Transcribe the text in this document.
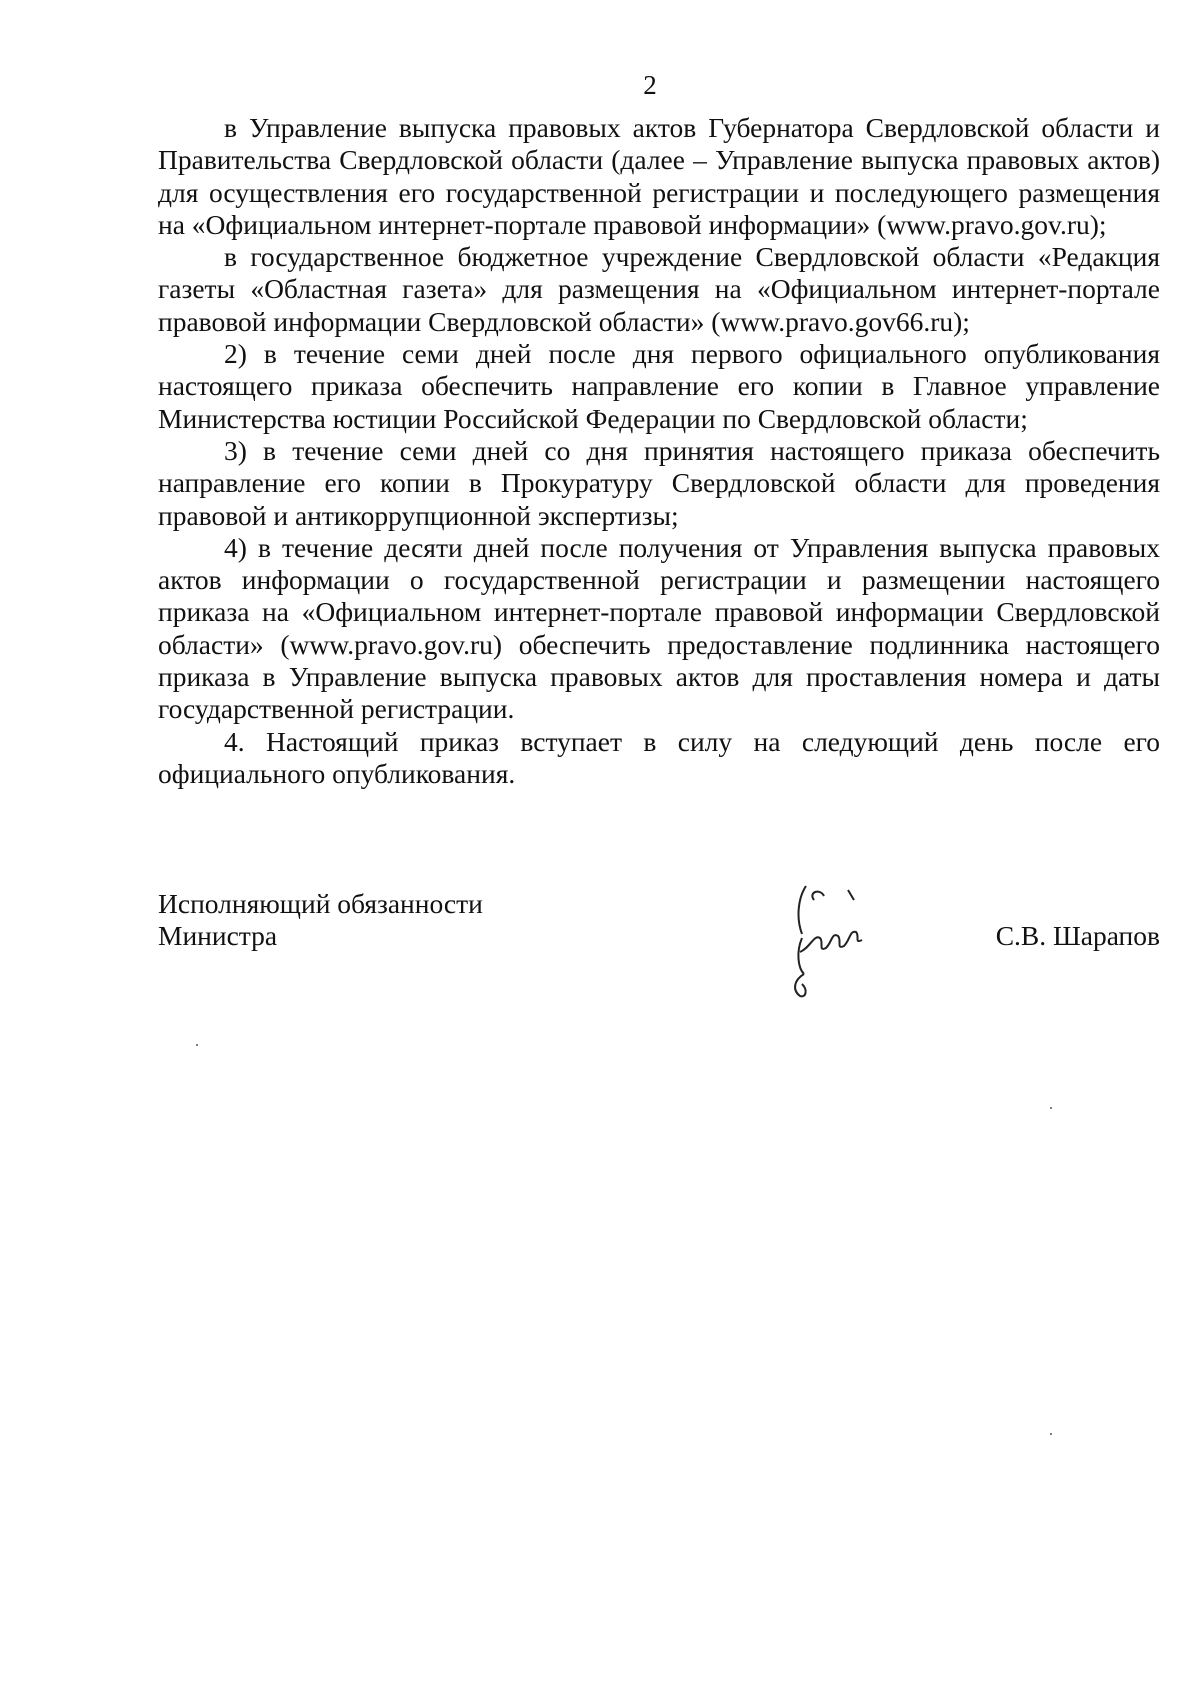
2

в Управление выпуска правовых актов Губернатора Свердловской области и Правительства Свердловской области (далее – Управление выпуска правовых актов) для осуществления его государственной регистрации и последующего размещения на «Официальном интернет-портале правовой информации» (www.pravo.gov.ru);

в государственное бюджетное учреждение Свердловской области «Редакция газеты «Областная газета» для размещения на «Официальном интернет-портале правовой информации Свердловской области» (www.pravo.gov66.ru);

2) в течение семи дней после дня первого официального опубликования настоящего приказа обеспечить направление его копии в Главное управление Министерства юстиции Российской Федерации по Свердловской области;

3) в течение семи дней со дня принятия настоящего приказа обеспечить направление его копии в Прокуратуру Свердловской области для проведения правовой и антикоррупционной экспертизы;

4) в течение десяти дней после получения от Управления выпуска правовых актов информации о государственной регистрации и размещении настоящего приказа на «Официальном интернет-портале правовой информации Свердловской области» (www.pravo.gov.ru) обеспечить предоставление подлинника настоящего приказа в Управление выпуска правовых актов для проставления номера и даты государственной регистрации.

4. Настоящий приказ вступает в силу на следующий день после его официального опубликования.

Исполняющий обязанности
Министра	С.В. Шарапов
